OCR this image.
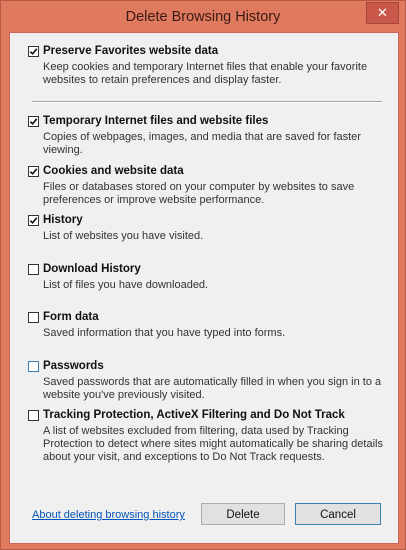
Delete Browsing History	✕
Preserve Favorites website data
Keep cookies and temporary Internet files that enable your favorite websites to retain preferences and display faster.
Temporary Internet files and website files
Copies of webpages, images, and media that are saved for faster viewing.
Cookies and website data
Files or databases stored on your computer by websites to save preferences or improve website performance.
History
List of websites you have visited.
Download History
List of files you have downloaded.
Form data
Saved information that you have typed into forms.
Passwords
Saved passwords that are automatically filled in when you sign in to a website you've previously visited.
Tracking Protection, ActiveX Filtering and Do Not Track
A list of websites excluded from filtering, data used by Tracking Protection to detect where sites might automatically be sharing details about your visit, and exceptions to Do Not Track requests.
About deleting browsing history	Delete	Cancel
